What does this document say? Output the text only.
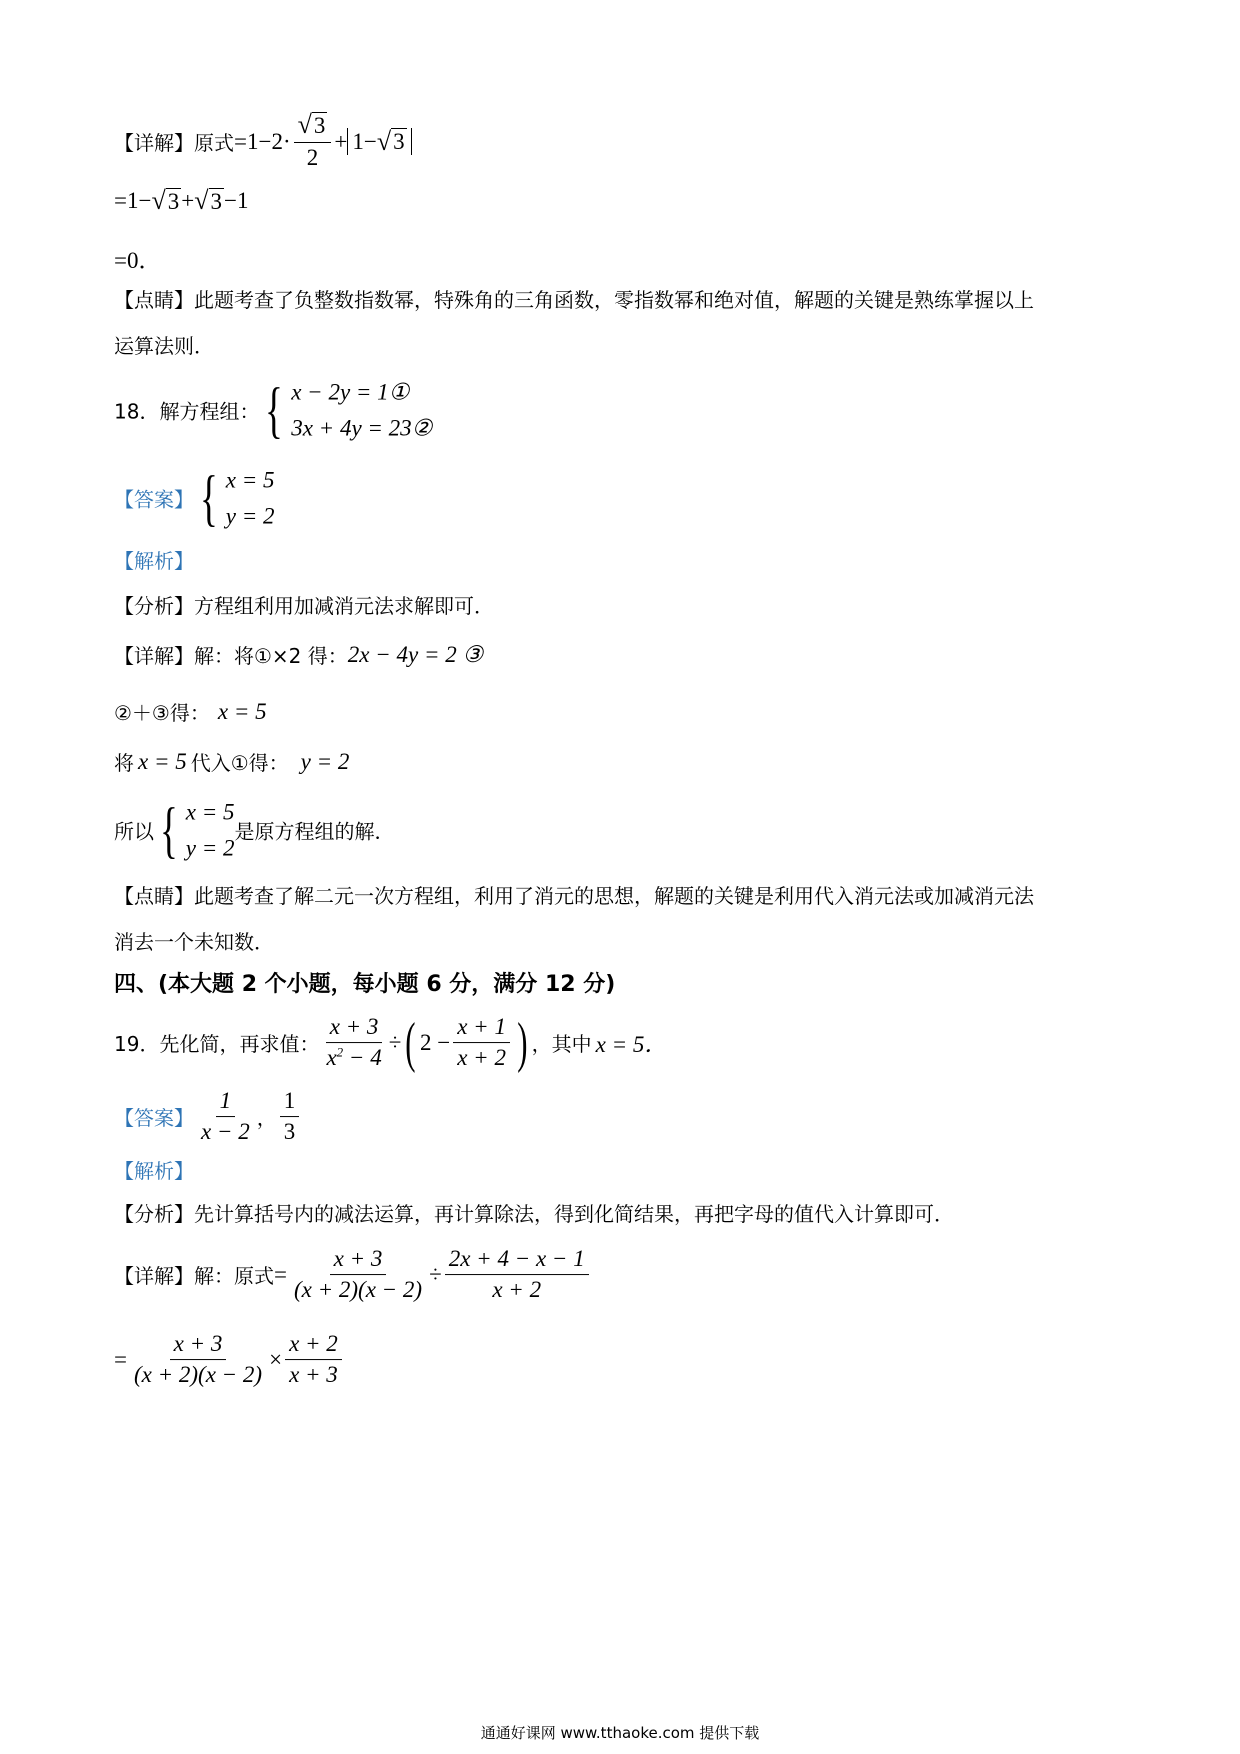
【详解】 原式 $=1-2\cdot \frac{√ 3}{2} + 1-$ √ 3
=1− √ 3 + √ 3 −1
=0．
【点睛】 此题考查了负整数指数幂，特殊角的三角函数，零指数幂和绝对值，解题的关键是熟练掌握以上
运算法则．
18．解方程组： { x − 2y = 1①
3x + 4y = 23②
【答案】 { x = 5
y = 2
【解析】
【分析】 方程组利用加减消元法求解即可．
【详解】 解：将①×2 得： 2x − 4y = 2 ③
②＋③得： x = 5
将 x = 5 代入①得： y = 2
所以 { x = 5
y = 2
是原方程组的解．
【点睛】 此题考查了解二元一次方程组，利用了消元的思想，解题的关键是利用代入消元法或加减消元法
消去一个未知数．
四、(本大题 2 个小题，每小题 6 分，满分 12 分)
19．先化简，再求值： $\frac{x + 3}{x^2 - 4}$ ÷ ( $2 - \frac{x + 1}{x + 2}$ ) ，其中 x = 5．
【答案】 $\frac{1}{x - 2}$ ， $\frac{1}{3}$
【解析】
【分析】 先计算括号内的减法运算，再计算除法，得到化简结果，再把字母的值代入计算即可．
【详解】 解：原式 = $\frac{x + 3}{(x + 2)(x - 2)} \div \frac{2x + 4 - x - 1}{x + 2}$
= $\frac{x + 3}{(x + 2)(x - 2)} \times \frac{x + 2}{x + 3}$
通通好课网 www.tthaoke.com 提供下载
